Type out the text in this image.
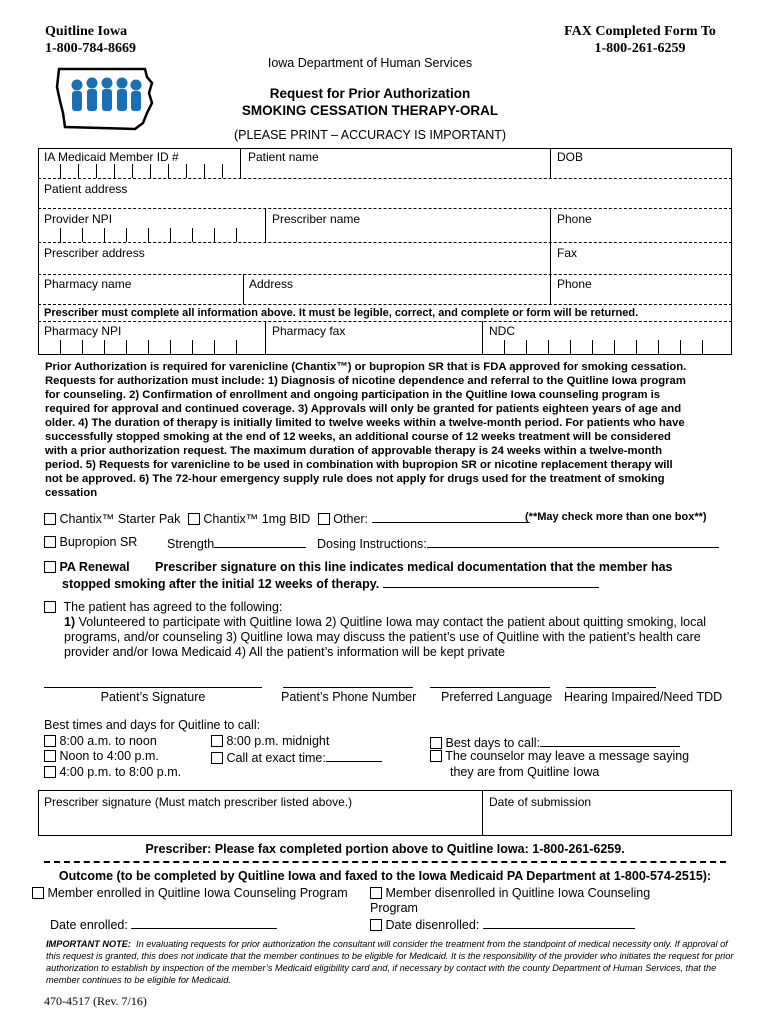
Quitline Iowa
1-800-784-8669
FAX Completed Form To
1-800-261-6259
Iowa Department of Human Services
Request for Prior Authorization
SMOKING CESSATION THERAPY-ORAL
(PLEASE PRINT – ACCURACY IS IMPORTANT)
IA Medicaid Member ID #	Patient name	DOB
Patient address
Provider NPI	Prescriber name	Phone
Prescriber address	Fax
Pharmacy name	Address	Phone
Prescriber must complete all information above. It must be legible, correct, and complete or form will be returned.
Pharmacy NPI	Pharmacy fax	NDC
Prior Authorization is required for varenicline (Chantix™) or bupropion SR that is FDA approved for smoking cessation.
Requests for authorization must include: 1) Diagnosis of nicotine dependence and referral to the Quitline Iowa program
for counseling. 2) Confirmation of enrollment and ongoing participation in the Quitline Iowa counseling program is
required for approval and continued coverage. 3) Approvals will only be granted for patients eighteen years of age and
older. 4) The duration of therapy is initially limited to twelve weeks within a twelve-month period. For patients who have
successfully stopped smoking at the end of 12 weeks, an additional course of 12 weeks treatment will be considered
with a prior authorization request. The maximum duration of approvable therapy is 24 weeks within a twelve-month
period. 5) Requests for varenicline to be used in combination with bupropion SR or nicotine replacement therapy will
not be approved. 6) The 72-hour emergency supply rule does not apply for drugs used for the treatment of smoking
cessation
Chantix™ Starter Pak Chantix™ 1mg BID Other:	(**May check more than one box**)
Bupropion SR Strength	Dosing Instructions:
PA Renewal Prescriber signature on this line indicates medical documentation that the member has
stopped smoking after the initial 12 weeks of therapy.
The patient has agreed to the following:
1) Volunteered to participate with Quitline Iowa 2) Quitline Iowa may contact the patient about quitting smoking, local
programs, and/or counseling 3) Quitline Iowa may discuss the patient’s use of Quitline with the patient’s health care
provider and/or Iowa Medicaid 4) All the patient’s information will be kept private
Patient’s Signature	Patient’s Phone Number Preferred Language Hearing Impaired/Need TDD
Best times and days for Quitline to call:
8:00 a.m. to noon
Noon to 4:00 p.m.
4:00 p.m. to 8:00 p.m.
8:00 p.m. midnight
Call at exact time:
Best days to call:
The counselor may leave a message saying
they are from Quitline Iowa
Prescriber signature (Must match prescriber listed above.)	Date of submission
Prescriber: Please fax completed portion above to Quitline Iowa: 1-800-261-6259.
Outcome (to be completed by Quitline Iowa and faxed to the Iowa Medicaid PA Department at 1-800-574-2515):
Member enrolled in Quitline Iowa Counseling Program	Member disenrolled in Quitline Iowa Counseling
Program
Date enrolled:	Date disenrolled:
IMPORTANT NOTE: In evaluating requests for prior authorization the consultant will consider the treatment from the standpoint of medical necessity only. If approval of this request is granted, this does not indicate that the member continues to be eligible for Medicaid. It is the responsibility of the provider who initiates the request for prior authorization to establish by inspection of the member’s Medicaid eligibility card and, if necessary by contact with the county Department of Human Services, that the member continues to be eligible for Medicaid.
470-4517 (Rev. 7/16)
